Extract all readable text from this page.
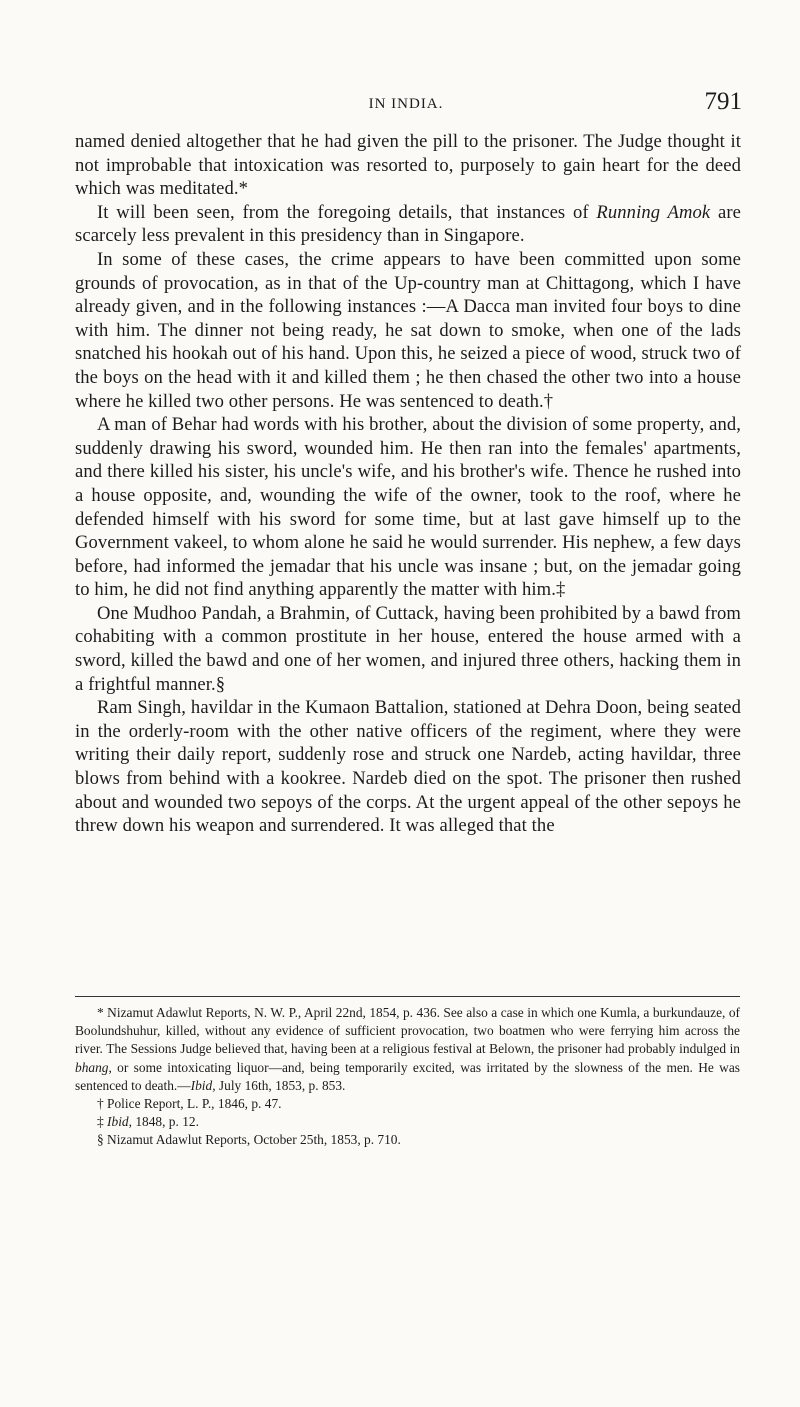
IN INDIA.	791

named denied altogether that he had given the pill to the prisoner. The Judge thought it not improbable that intoxication was resorted to, purposely to gain heart for the deed which was meditated.*

It will been seen, from the foregoing details, that instances of Running Amok are scarcely less prevalent in this presidency than in Singapore.

In some of these cases, the crime appears to have been committed upon some grounds of provocation, as in that of the Up-country man at Chittagong, which I have already given, and in the following instances :—A Dacca man invited four boys to dine with him. The dinner not being ready, he sat down to smoke, when one of the lads snatched his hookah out of his hand. Upon this, he seized a piece of wood, struck two of the boys on the head with it and killed them ; he then chased the other two into a house where he killed two other persons. He was sentenced to death.†

A man of Behar had words with his brother, about the division of some property, and, suddenly drawing his sword, wounded him. He then ran into the females' apartments, and there killed his sister, his uncle's wife, and his brother's wife. Thence he rushed into a house opposite, and, wounding the wife of the owner, took to the roof, where he defended himself with his sword for some time, but at last gave himself up to the Government vakeel, to whom alone he said he would surrender. His nephew, a few days before, had informed the jemadar that his uncle was insane ; but, on the jemadar going to him, he did not find anything apparently the matter with him.‡

One Mudhoo Pandah, a Brahmin, of Cuttack, having been prohibited by a bawd from cohabiting with a common prostitute in her house, entered the house armed with a sword, killed the bawd and one of her women, and injured three others, hacking them in a frightful manner.§

Ram Singh, havildar in the Kumaon Battalion, stationed at Dehra Doon, being seated in the orderly-room with the other native officers of the regiment, where they were writing their daily report, suddenly rose and struck one Nardeb, acting havildar, three blows from behind with a kookree. Nardeb died on the spot. The prisoner then rushed about and wounded two sepoys of the corps. At the urgent appeal of the other sepoys he threw down his weapon and surrendered. It was alleged that the

* Nizamut Adawlut Reports, N. W. P., April 22nd, 1854, p. 436. See also a case in which one Kumla, a burkundauze, of Boolundshuhur, killed, without any evidence of sufficient provocation, two boatmen who were ferrying him across the river. The Sessions Judge believed that, having been at a religious festival at Belown, the prisoner had probably indulged in bhang, or some intoxicating liquor—and, being temporarily excited, was irritated by the slowness of the men. He was sentenced to death.—Ibid, July 16th, 1853, p. 853.

† Police Report, L. P., 1846, p. 47.

‡ Ibid, 1848, p. 12.

§ Nizamut Adawlut Reports, October 25th, 1853, p. 710.
